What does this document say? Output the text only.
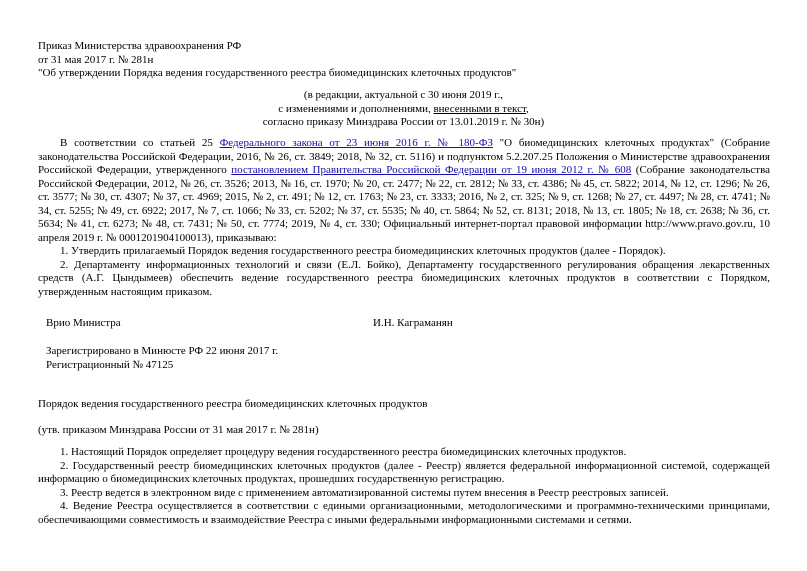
Приказ Министерства здравоохранения РФ
от 31 мая 2017 г. № 281н
"Об утверждении Порядка ведения государственного реестра биомедицинских клеточных продуктов"
(в редакции, актуальной с 30 июня 2019 г.,
с изменениями и дополнениями, внесенными в текст,
согласно приказу Минздрава России от 13.01.2019 г. № 30н)

В соответствии со статьей 25 Федерального закона от 23 июня 2016 г. № 180-ФЗ "О биомедицинских клеточных продуктах" (Собрание законодательства Российской Федерации, 2016, № 26, ст. 3849; 2018, № 32, ст. 5116) и подпунктом 5.2.207.25 Положения о Министерстве здравоохранения Российской Федерации, утвержденного постановлением Правительства Российской Федерации от 19 июня 2012 г. № 608 (Собрание законодательства Российской Федерации, 2012, № 26, ст. 3526; 2013, № 16, ст. 1970; № 20, ст. 2477; № 22, ст. 2812; № 33, ст. 4386; № 45, ст. 5822; 2014, № 12, ст. 1296; № 26, ст. 3577; № 30, ст. 4307; № 37, ст. 4969; 2015, № 2, ст. 491; № 12, ст. 1763; № 23, ст. 3333; 2016, № 2, ст. 325; № 9, ст. 1268; № 27, ст. 4497; № 28, ст. 4741; № 34, ст. 5255; № 49, ст. 6922; 2017, № 7, ст. 1066; № 33, ст. 5202; № 37, ст. 5535; № 40, ст. 5864; № 52, ст. 8131; 2018, № 13, ст. 1805; № 18, ст. 2638; № 36, ст. 5634; № 41, ст. 6273; № 48, ст. 7431; № 50, ст. 7774; 2019, № 4, ст. 330; Официальный интернет-портал правовой информации http://www.pravo.gov.ru, 10 апреля 2019 г. № 0001201904100013), приказываю:

1. Утвердить прилагаемый Порядок ведения государственного реестра биомедицинских клеточных продуктов (далее - Порядок).

2. Департаменту информационных технологий и связи (Е.Л. Бойко), Департаменту государственного регулирования обращения лекарственных средств (А.Г. Цындымеев) обеспечить ведение государственного реестра биомедицинских клеточных продуктов в соответствии с Порядком, утвержденным настоящим приказом.

Врио Министра	И.Н. Каграманян
Зарегистрировано в Минюсте РФ 22 июня 2017 г.
Регистрационный № 47125
Порядок ведения государственного реестра биомедицинских клеточных продуктов
(утв. приказом Минздрава России от 31 мая 2017 г. № 281н)

1. Настоящий Порядок определяет процедуру ведения государственного реестра биомедицинских клеточных продуктов.

2. Государственный реестр биомедицинских клеточных продуктов (далее - Реестр) является федеральной информационной системой, содержащей информацию о биомедицинских клеточных продуктах, прошедших государственную регистрацию.

3. Реестр ведется в электронном виде с применением автоматизированной системы путем внесения в Реестр реестровых записей.

4. Ведение Реестра осуществляется в соответствии с едиными организационными, методологическими и программно-техническими принципами, обеспечивающими совместимость и взаимодействие Реестра с иными федеральными информационными системами и сетями.
